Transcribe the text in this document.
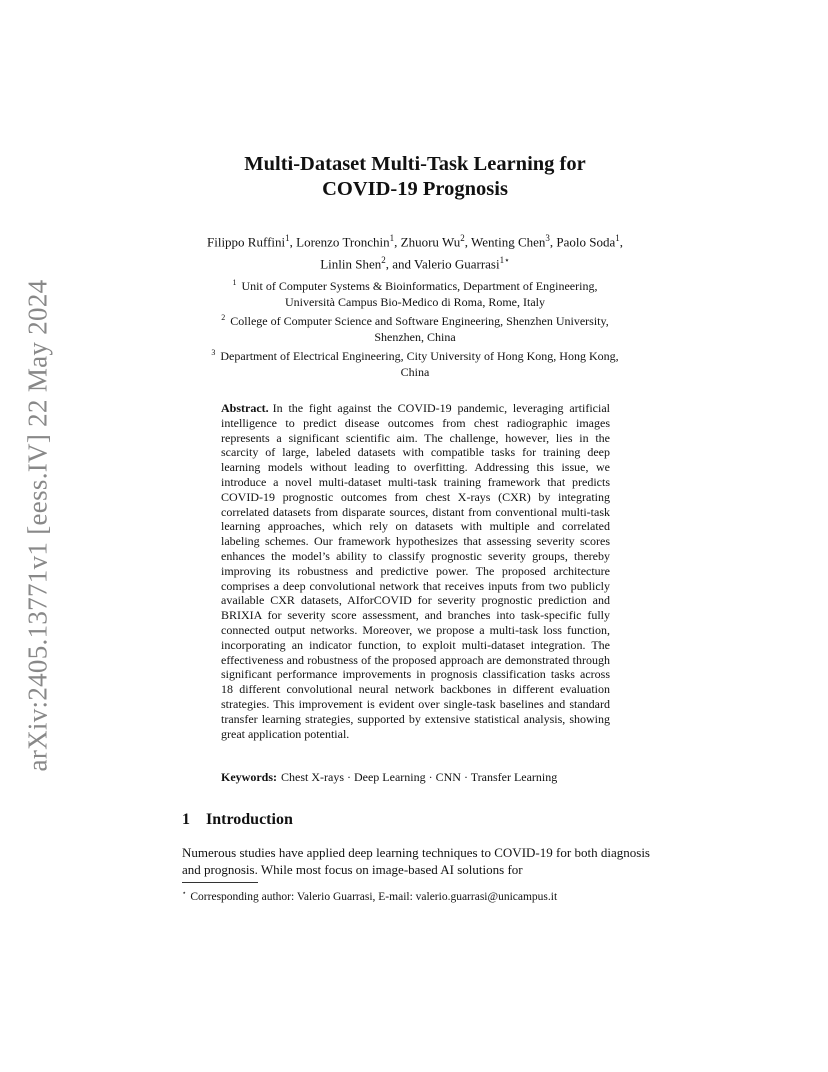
arXiv:2405.13771v1 [eess.IV] 22 May 2024
Multi-Dataset Multi-Task Learning for
COVID-19 Prognosis
Filippo Ruffini$^1$, Lorenzo Tronchin$^1$, Zhuoru Wu$^2$, Wenting Chen$^3$, Paolo Soda$^1$, Linlin Shen$^2$, and Valerio Guarrasi$^{1⋆}$
$^1$ Unit of Computer Systems & Bioinformatics, Department of Engineering,
Università Campus Bio-Medico di Roma, Rome, Italy
$^2$ College of Computer Science and Software Engineering, Shenzhen University,
Shenzhen, China
$^3$ Department of Electrical Engineering, City University of Hong Kong, Hong Kong,
China

Abstract. In the fight against the COVID-19 pandemic, leveraging artificial intelligence to predict disease outcomes from chest radiographic images represents a significant scientific aim. The challenge, however, lies in the scarcity of large, labeled datasets with compatible tasks for training deep learning models without leading to overfitting. Addressing this issue, we introduce a novel multi-dataset multi-task training framework that predicts COVID-19 prognostic outcomes from chest X-rays (CXR) by integrating correlated datasets from disparate sources, distant from conventional multi-task learning approaches, which rely on datasets with multiple and correlated labeling schemes. Our framework hypothesizes that assessing severity scores enhances the model’s ability to classify prognostic severity groups, thereby improving its robustness and predictive power. The proposed architecture comprises a deep convolutional network that receives inputs from two publicly available CXR datasets, AIforCOVID for severity prognostic prediction and BRIXIA for severity score assessment, and branches into task-specific fully connected output networks. Moreover, we propose a multi-task loss function, incorporating an indicator function, to exploit multi-dataset integration. The effectiveness and robustness of the proposed approach are demonstrated through significant performance improvements in prognosis classification tasks across 18 different convolutional neural network backbones in different evaluation strategies. This improvement is evident over single-task baselines and standard transfer learning strategies, supported by extensive statistical analysis, showing great application potential.

Keywords: Chest X-rays · Deep Learning · CNN · Transfer Learning
1 Introduction

Numerous studies have applied deep learning techniques to COVID-19 for both diagnosis and prognosis. While most focus on image-based AI solutions for

⋆ Corresponding author: Valerio Guarrasi, E-mail: valerio.guarrasi@unicampus.it
